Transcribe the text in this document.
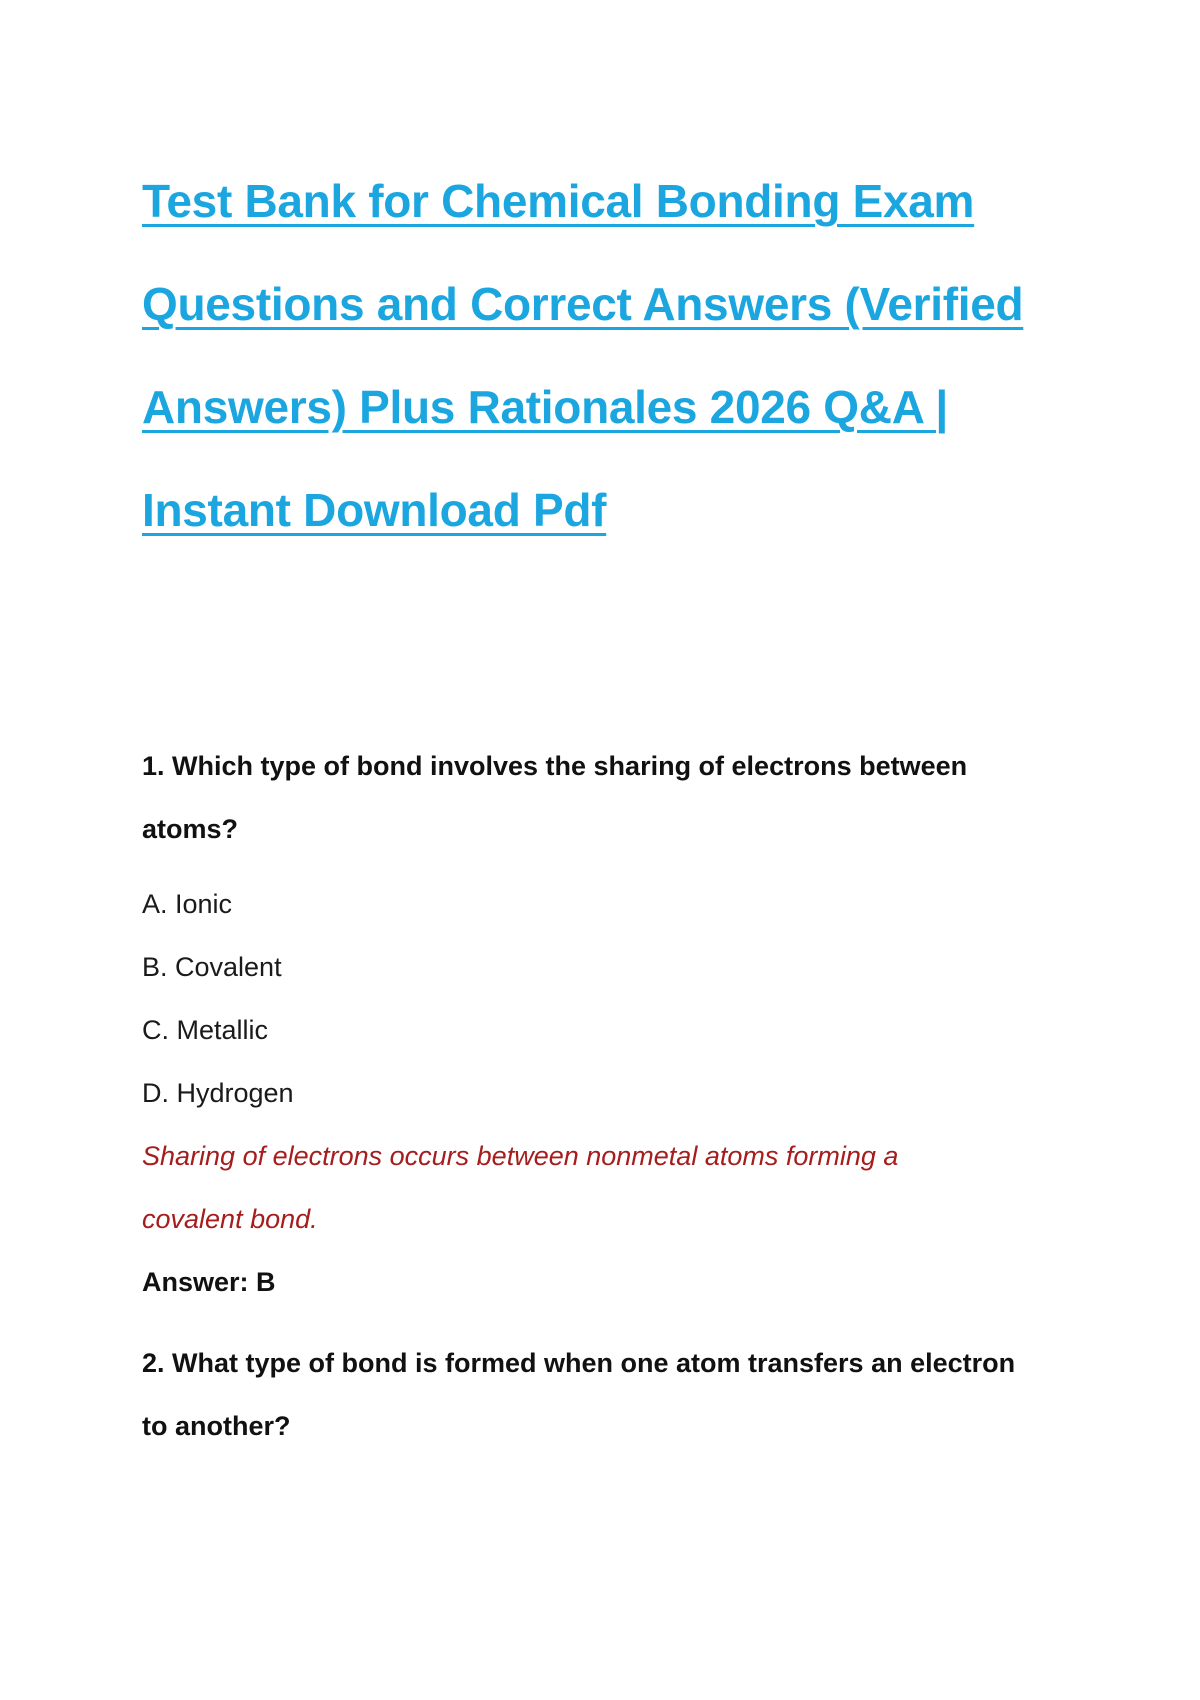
Test Bank for Chemical Bonding Exam
Questions and Correct Answers (Verified
Answers) Plus Rationales 2026 Q&A |
Instant Download Pdf

1. Which type of bond involves the sharing of electrons between
atoms?

A. Ionic
B. Covalent
C. Metallic
D. Hydrogen

Sharing of electrons occurs between nonmetal atoms forming a
covalent bond.

Answer: B

2. What type of bond is formed when one atom transfers an electron
to another?
